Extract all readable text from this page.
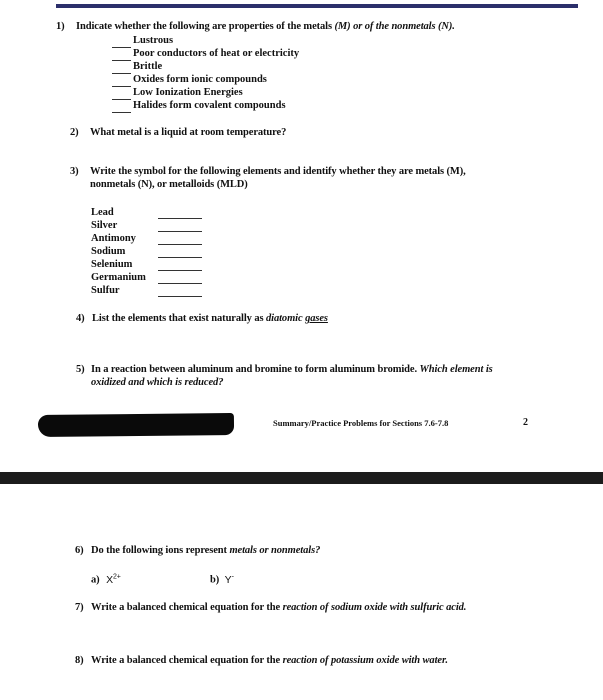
1) Indicate whether the following are properties of the metals (M) or of the nonmetals (N).
Lustrous
Poor conductors of heat or electricity
Brittle
Oxides form ionic compounds
Low Ionization Energies
Halides form covalent compounds
2) What metal is a liquid at room temperature?
3) Write the symbol for the following elements and identify whether they are metals (M),
nonmetals (N), or metalloids (MLD)
Lead
Silver
Antimony
Sodium
Selenium
Germanium
Sulfur
4) List the elements that exist naturally as diatomic gases
5) In a reaction between aluminum and bromine to form aluminum bromide. Which element is
oxidized and which is reduced?
Summary/Practice Problems for Sections 7.6-7.8	2
6) Do the following ions represent metals or nonmetals?
a) $X^{2+}$	b) Y-
7) Write a balanced chemical equation for the reaction of sodium oxide with sulfuric acid.
8) Write a balanced chemical equation for the reaction of potassium oxide with water.
